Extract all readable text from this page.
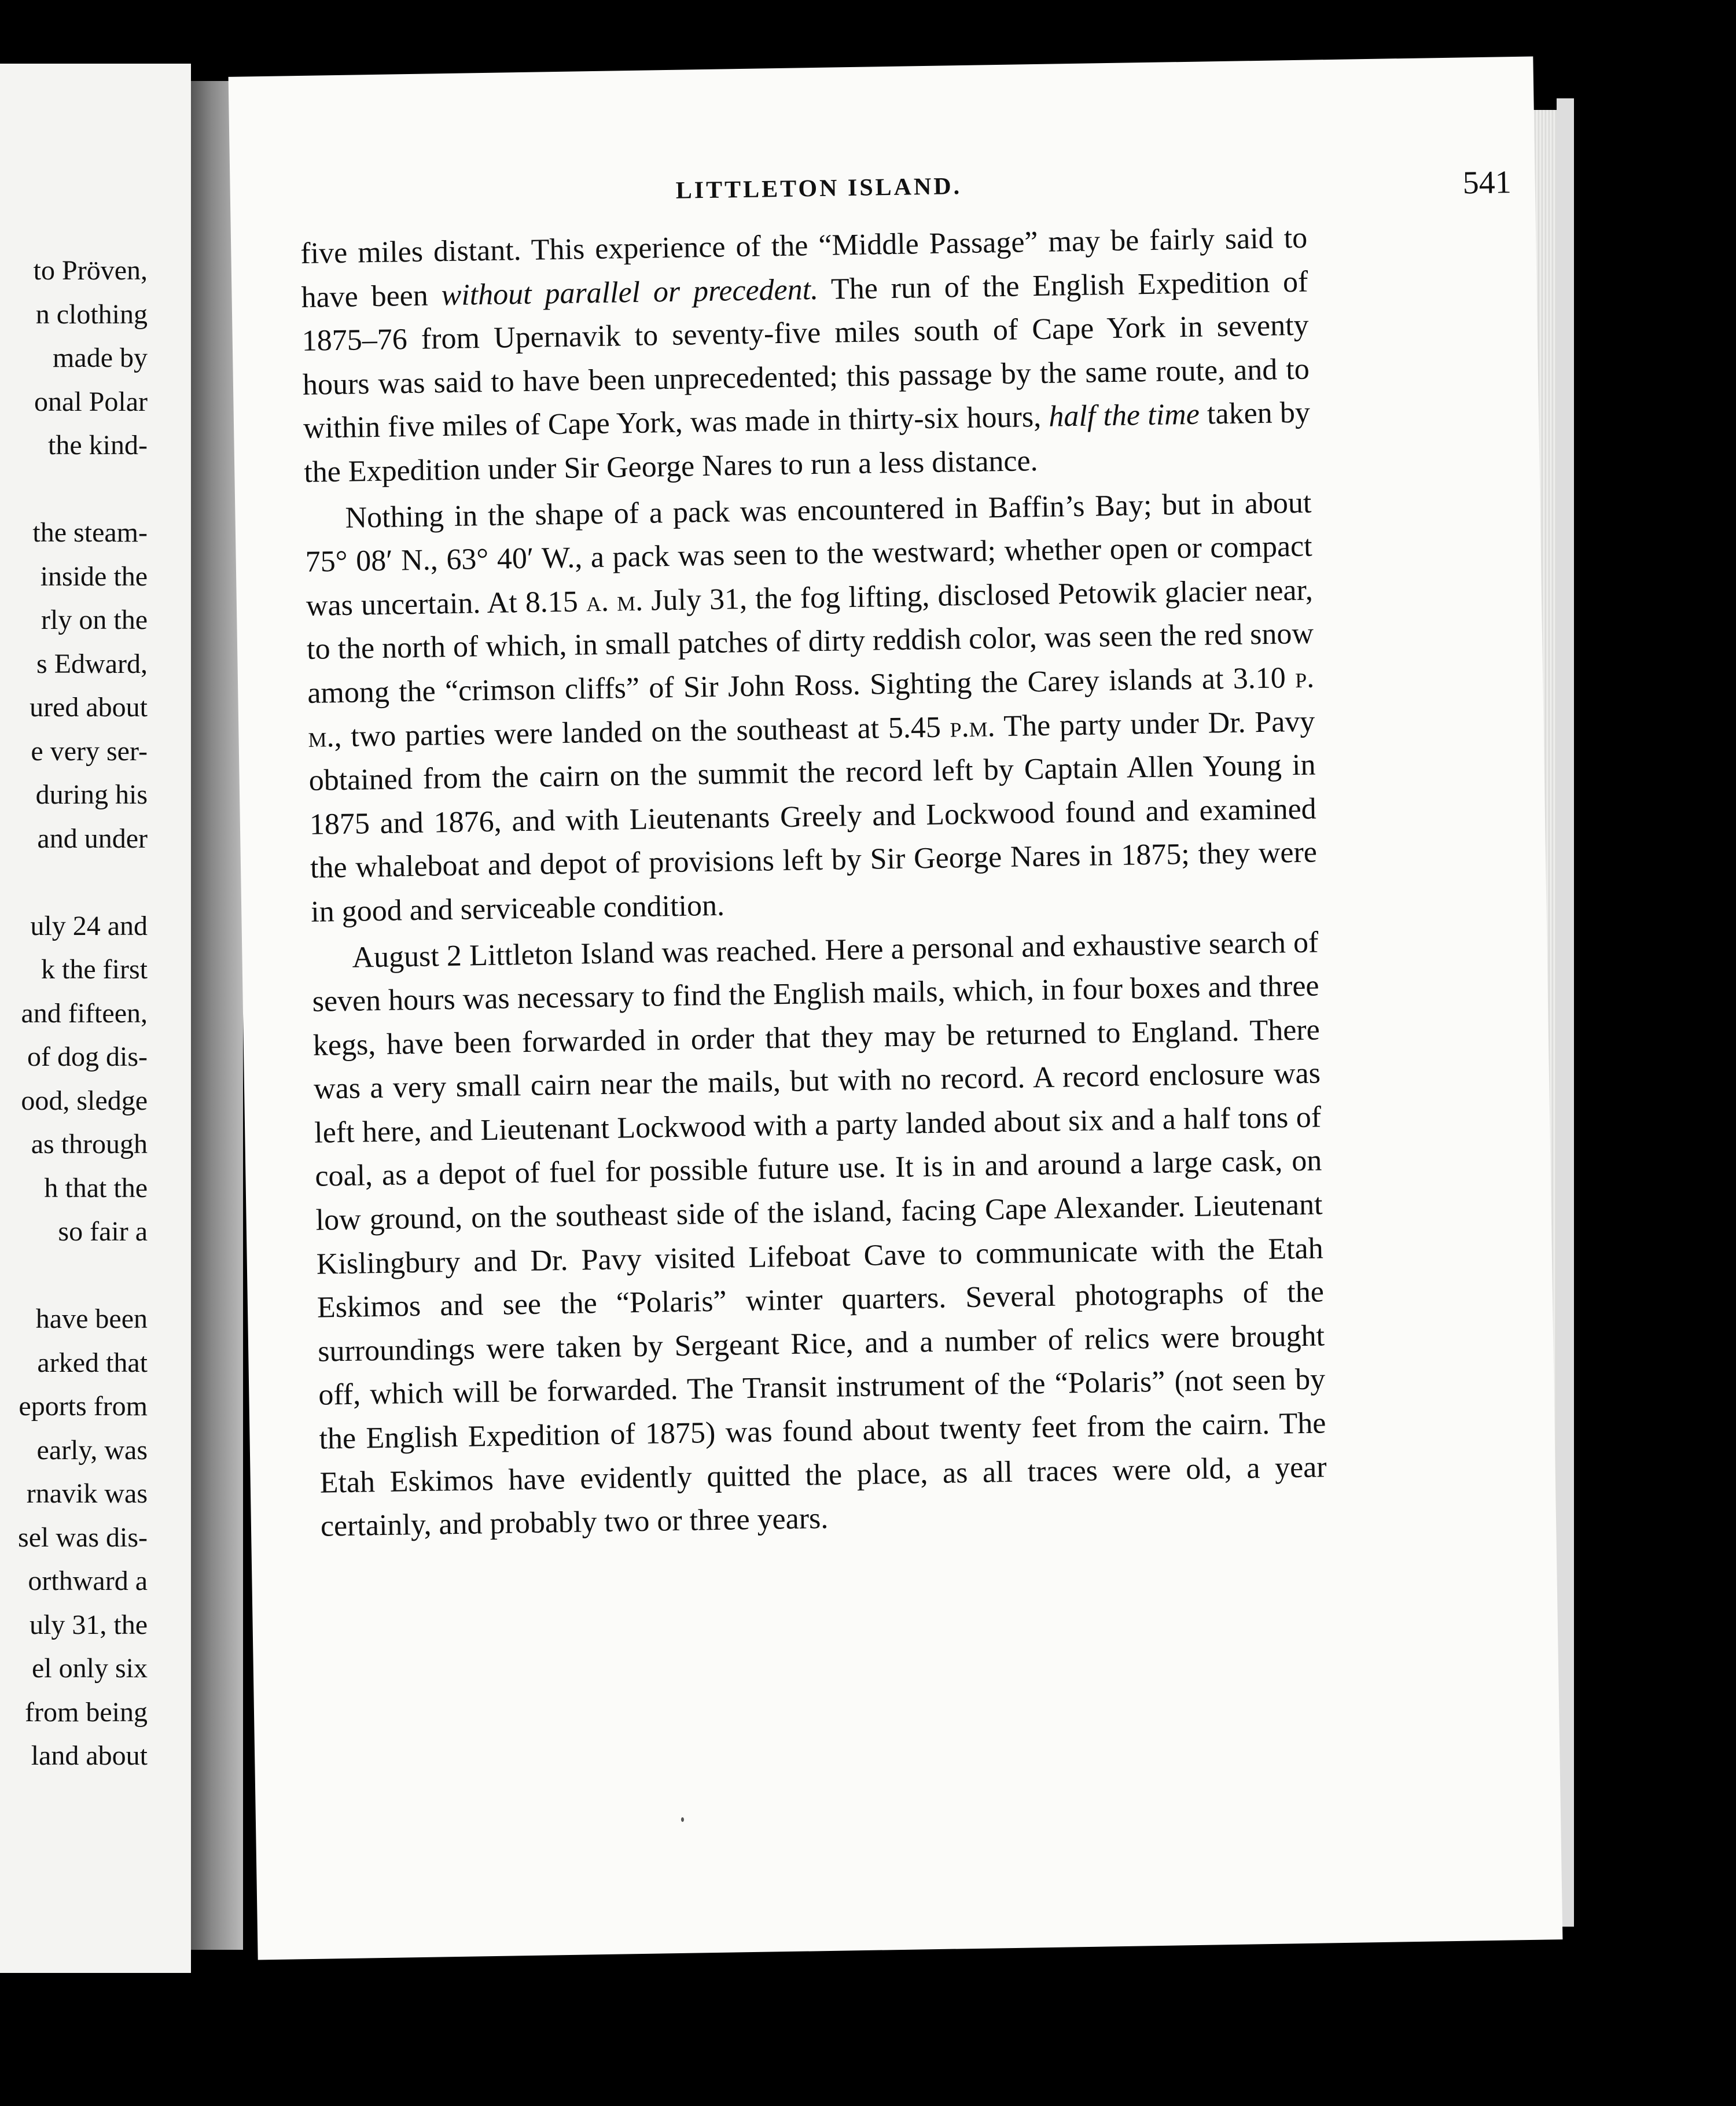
to Pröven,
n clothing
made by
onal Polar
the kind-
the steam-
inside the
rly on the
s Edward,
ured about
e very ser-
during his
and under
uly 24 and
k the first
and fifteen,
of dog dis-
ood, sledge
as through
h that the
so fair a
have been
arked that
eports from
early, was
rnavik was
sel was dis-
orthward a
uly 31, the
el only six
from being
land about
LITTLETON ISLAND.	541

five miles distant. This experience of the “Middle Passage” may be fairly said to have been without parallel or precedent. The run of the English Expedition of 1875–76 from Upernavik to seventy-five miles south of Cape York in seventy hours was said to have been unprecedented; this passage by the same route, and to within five miles of Cape York, was made in thirty-six hours, half the time taken by the Expedition under Sir George Nares to run a less distance.

Nothing in the shape of a pack was encountered in Baffin’s Bay; but in about 75° 08′ N., 63° 40′ W., a pack was seen to the westward; whether open or compact was uncertain. At 8.15 a. m. July 31, the fog lifting, disclosed Petowik glacier near, to the north of which, in small patches of dirty reddish color, was seen the red snow among the “crimson cliffs” of Sir John Ross. Sighting the Carey islands at 3.10 p. m., two parties were landed on the southeast at 5.45 p.m. The party under Dr. Pavy obtained from the cairn on the summit the record left by Captain Allen Young in 1875 and 1876, and with Lieutenants Greely and Lockwood found and examined the whaleboat and depot of provisions left by Sir George Nares in 1875; they were in good and serviceable condition.

August 2 Littleton Island was reached. Here a personal and exhaustive search of seven hours was necessary to find the English mails, which, in four boxes and three kegs, have been forwarded in order that they may be returned to England. There was a very small cairn near the mails, but with no record. A record enclosure was left here, and Lieutenant Lockwood with a party landed about six and a half tons of coal, as a depot of fuel for possible future use. It is in and around a large cask, on low ground, on the southeast side of the island, facing Cape Alexander. Lieutenant Kislingbury and Dr. Pavy visited Lifeboat Cave to communicate with the Etah Eskimos and see the “Polaris” winter quarters. Several photographs of the surroundings were taken by Sergeant Rice, and a number of relics were brought off, which will be forwarded. The Transit instrument of the “Polaris” (not seen by the English Expedition of 1875) was found about twenty feet from the cairn. The Etah Eskimos have evidently quitted the place, as all traces were old, a year certainly, and probably two or three years.
